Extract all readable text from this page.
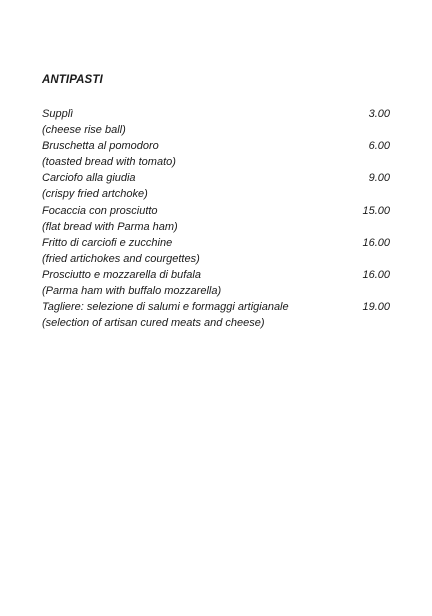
ANTIPASTI
Supplì	3.00
(cheese rise ball)
Bruschetta al pomodoro	6.00
(toasted bread with tomato)
Carciofo alla giudia	9.00
(crispy fried artchoke)
Focaccia con prosciutto	15.00
(flat bread with Parma ham)
Fritto di carciofi e zucchine	16.00
(fried artichokes and courgettes)
Prosciutto e mozzarella di bufala	16.00
(Parma ham with buffalo mozzarella)
Tagliere: selezione di salumi e formaggi artigianale	19.00
(selection of artisan cured meats and cheese)
